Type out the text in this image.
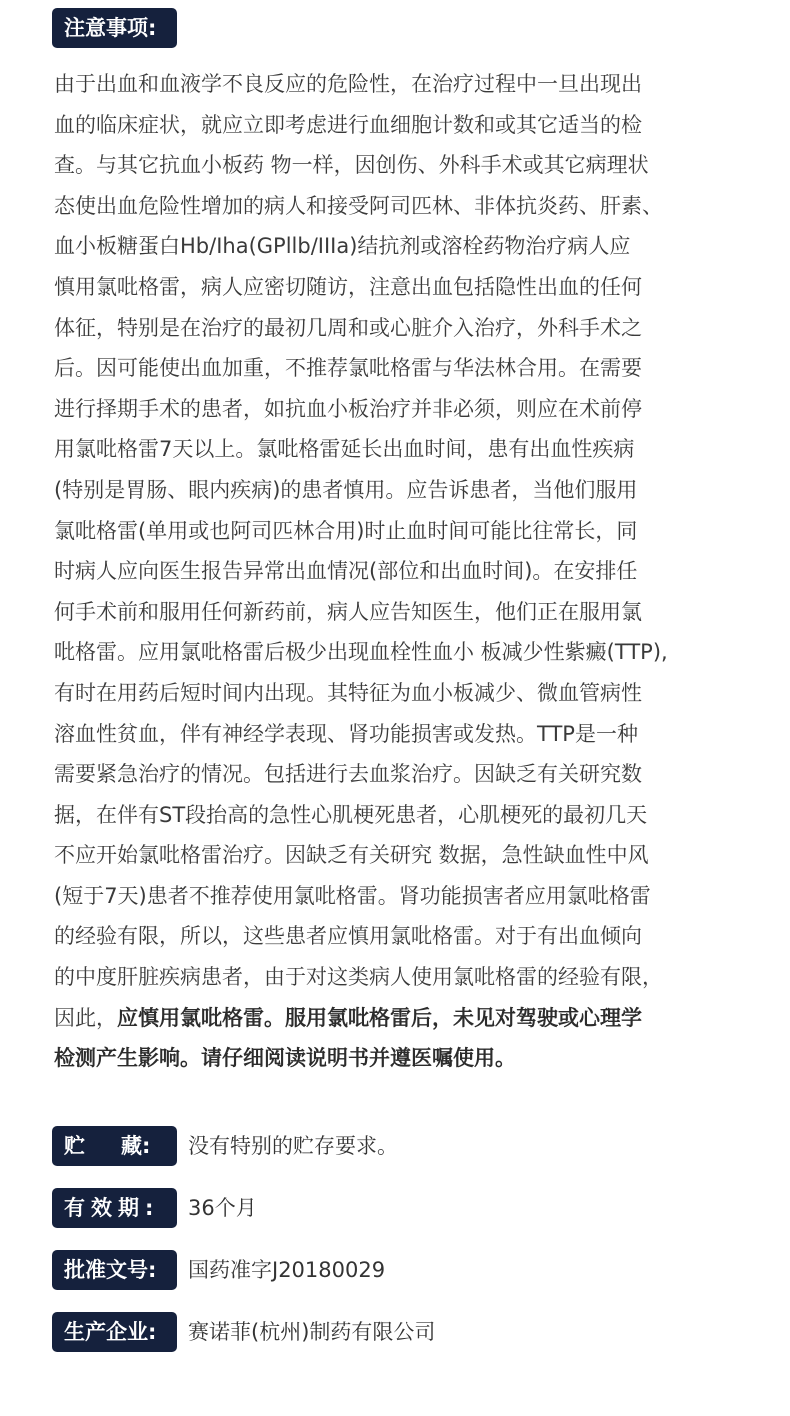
注意事项:

由于出血和血液学不良反应的危险性，在治疗过程中一旦出现出

血的临床症状，就应立即考虑进行血细胞计数和或其它适当的检

查。与其它抗血小板药 物一样，因创伤、外科手术或其它病理状

态使出血危险性增加的病人和接受阿司匹林、非体抗炎药、肝素、

血小板糖蛋白Hb/Iha(GPllb/IIIa)结抗剂或溶栓药物治疗病人应

慎用氯吡格雷，病人应密切随访，注意出血包括隐性出血的任何

体征，特别是在治疗的最初几周和或心脏介入治疗，外科手术之

后。因可能使出血加重，不推荐氯吡格雷与华法林合用。在需要

进行择期手术的患者，如抗血小板治疗并非必须，则应在术前停

用氯吡格雷7天以上。氯吡格雷延长出血时间，患有出血性疾病

(特别是胃肠、眼内疾病)的患者慎用。应告诉患者，当他们服用

氯吡格雷(单用或也阿司匹林合用)时止血时间可能比往常长，同

时病人应向医生报告异常出血情况(部位和出血时间)。在安排任

何手术前和服用任何新药前，病人应告知医生，他们正在服用氯

吡格雷。应用氯吡格雷后极少出现血栓性血小 板减少性紫癜(TTP),

有时在用药后短时间内出现。其特征为血小板减少、微血管病性

溶血性贫血，伴有神经学表现、肾功能损害或发热。TTP是一种

需要紧急治疗的情况。包括进行去血浆治疗。因缺乏有关研究数

据，在伴有ST段抬高的急性心肌梗死患者，心肌梗死的最初几天

不应开始氯吡格雷治疗。因缺乏有关研究 数据，急性缺血性中风

(短于7天)患者不推荐使用氯吡格雷。肾功能损害者应用氯吡格雷

的经验有限，所以，这些患者应慎用氯吡格雷。对于有出血倾向

的中度肝脏疾病患者，由于对这类病人使用氯吡格雷的经验有限，

因此，应慎用氯吡格雷。服用氯吡格雷后，未见对驾驶或心理学

检测产生影响。请仔细阅读说明书并遵医嘱使用。

贮 藏:	没有特别的贮存要求。
有效期:	36个月
批准文号:	国药准字J20180029
生产企业:	赛诺菲(杭州)制药有限公司
